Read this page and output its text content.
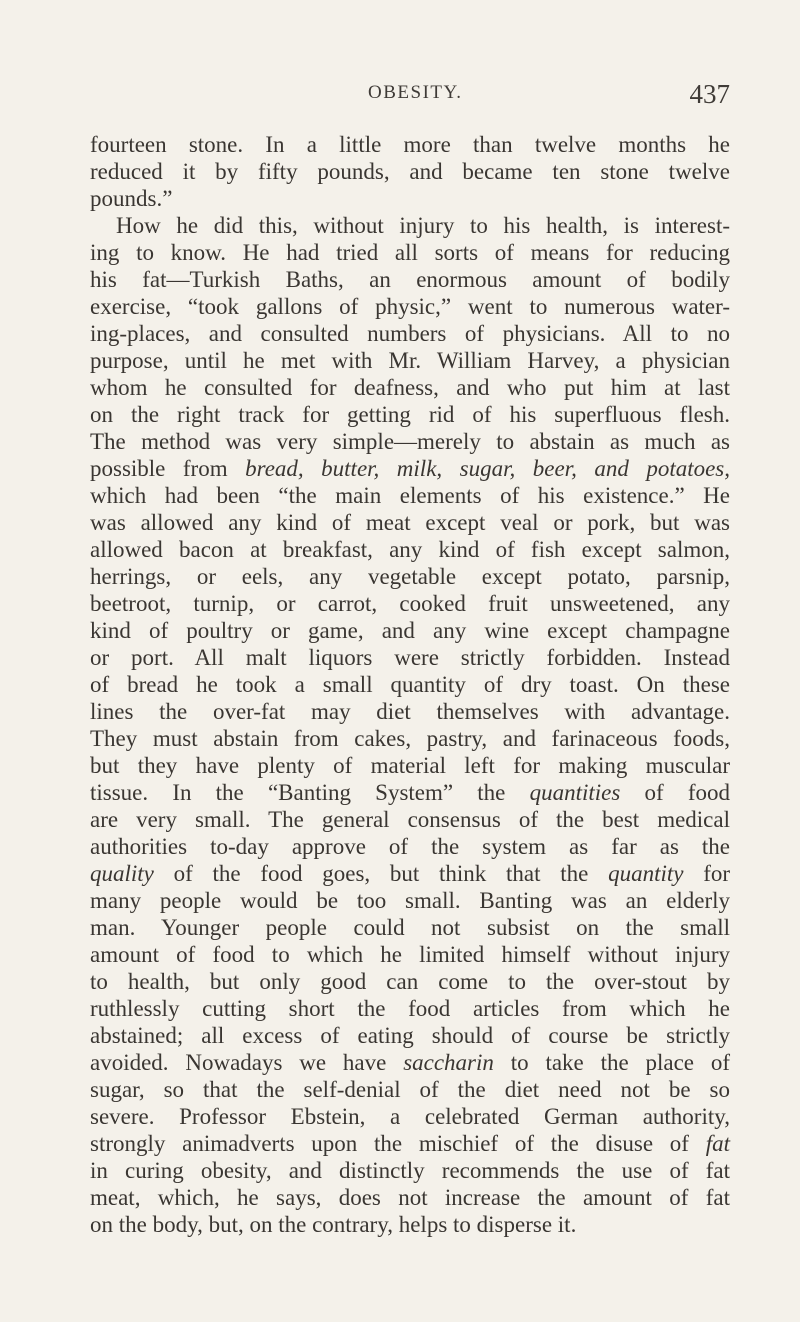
OBESITY.	437
fourteen stone. In a little more than twelve months he
reduced it by fifty pounds, and became ten stone twelve
pounds.”
How he did this, without injury to his health, is interest-
ing to know. He had tried all sorts of means for reducing
his fat—Turkish Baths, an enormous amount of bodily
exercise, “took gallons of physic,” went to numerous water-
ing-places, and consulted numbers of physicians. All to no
purpose, until he met with Mr. William Harvey, a physician
whom he consulted for deafness, and who put him at last
on the right track for getting rid of his superfluous flesh.
The method was very simple—merely to abstain as much as
possible from bread, butter, milk, sugar, beer, and potatoes,
which had been “the main elements of his existence.” He
was allowed any kind of meat except veal or pork, but was
allowed bacon at breakfast, any kind of fish except salmon,
herrings, or eels, any vegetable except potato, parsnip,
beetroot, turnip, or carrot, cooked fruit unsweetened, any
kind of poultry or game, and any wine except champagne
or port. All malt liquors were strictly forbidden. Instead
of bread he took a small quantity of dry toast. On these
lines the over-fat may diet themselves with advantage.
They must abstain from cakes, pastry, and farinaceous foods,
but they have plenty of material left for making muscular
tissue. In the “Banting System” the quantities of food
are very small. The general consensus of the best medical
authorities to-day approve of the system as far as the
quality of the food goes, but think that the quantity for
many people would be too small. Banting was an elderly
man. Younger people could not subsist on the small
amount of food to which he limited himself without injury
to health, but only good can come to the over-stout by
ruthlessly cutting short the food articles from which he
abstained; all excess of eating should of course be strictly
avoided. Nowadays we have saccharin to take the place of
sugar, so that the self-denial of the diet need not be so
severe. Professor Ebstein, a celebrated German authority,
strongly animadverts upon the mischief of the disuse of fat
in curing obesity, and distinctly recommends the use of fat
meat, which, he says, does not increase the amount of fat
on the body, but, on the contrary, helps to disperse it.
